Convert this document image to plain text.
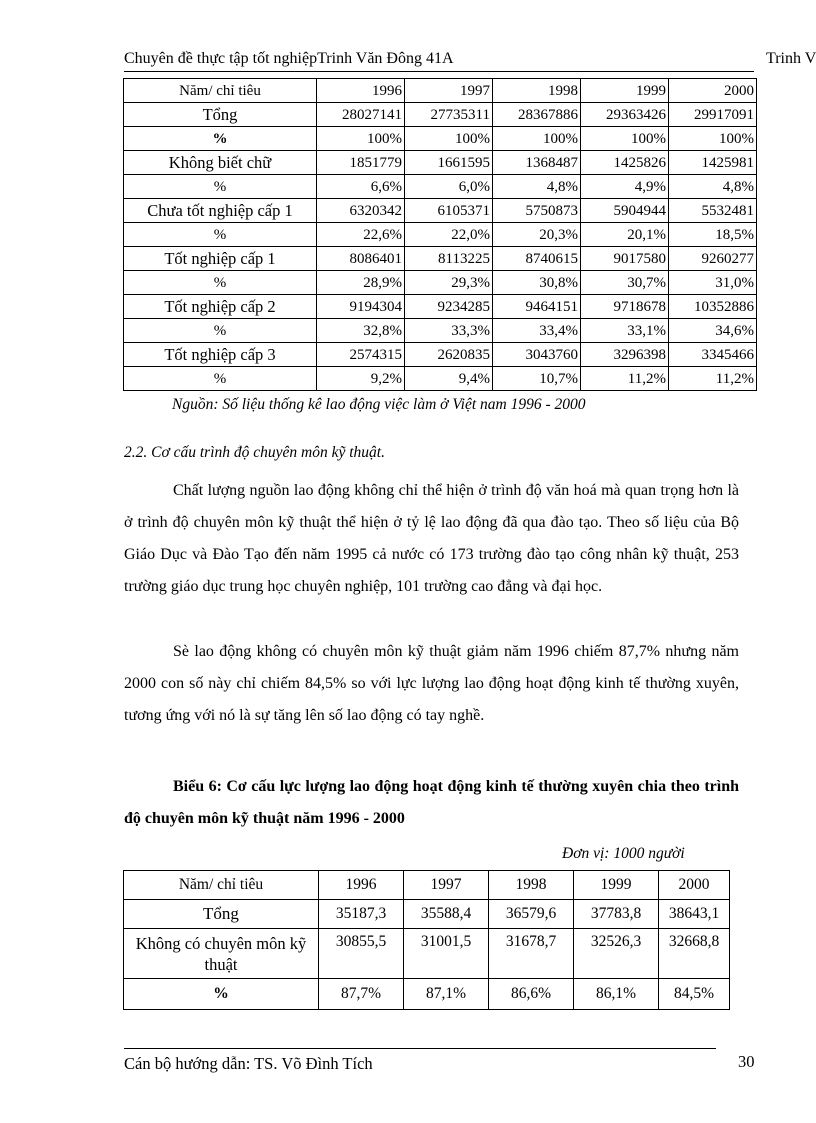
Chuyên đề thực tập tốt nghiệpTrinh Văn Đông 41A	Trinh V
Năm/ chỉ tiêu	1996	1997	1998	1999	2000
Tổng	28027141	27735311	28367886	29363426	29917091
%	100%	100%	100%	100%	100%
Không biết chữ	1851779	1661595	1368487	1425826	1425981
%	6,6%	6,0%	4,8%	4,9%	4,8%
Chưa tốt nghiệp cấp 1	6320342	6105371	5750873	5904944	5532481
%	22,6%	22,0%	20,3%	20,1%	18,5%
Tốt nghiệp cấp 1	8086401	8113225	8740615	9017580	9260277
%	28,9%	29,3%	30,8%	30,7%	31,0%
Tốt nghiệp cấp 2	9194304	9234285	9464151	9718678	10352886
%	32,8%	33,3%	33,4%	33,1%	34,6%
Tốt nghiệp cấp 3	2574315	2620835	3043760	3296398	3345466
%	9,2%	9,4%	10,7%	11,2%	11,2%
Nguồn: Số liệu thống kê lao động việc làm ở Việt nam 1996 - 2000
2.2. Cơ cấu trình độ chuyên môn kỹ thuật.
Chất lượng nguồn lao động không chỉ thể hiện ở trình độ văn hoá mà quan trọng hơn là ở trình độ chuyên môn kỹ thuật thể hiện ở tỷ lệ lao động đã qua đào tạo. Theo số liệu của Bộ Giáo Dục và Đào Tạo đến năm 1995 cả nước có 173 trường đào tạo công nhân kỹ thuật, 253 trường giáo dục trung học chuyên nghiệp, 101 trường cao đẳng và đại học.
Sè lao động không có chuyên môn kỹ thuật giảm năm 1996 chiếm 87,7% nhưng năm 2000 con số này chỉ chiếm 84,5% so với lực lượng lao động hoạt động kinh tế thường xuyên, tương ứng với nó là sự tăng lên số lao động có tay nghề.
Biểu 6: Cơ cấu lực lượng lao động hoạt động kinh tế thường xuyên chia theo trình độ chuyên môn kỹ thuật năm 1996 - 2000
Đơn vị: 1000 người
Năm/ chỉ tiêu	1996	1997	1998	1999	2000
Tổng	35187,3	35588,4	36579,6	37783,8	38643,1
Không có chuyên môn kỹ thuật	30855,5	31001,5	31678,7	32526,3	32668,8
%	87,7%	87,1%	86,6%	86,1%	84,5%
Cán bộ hướng dẫn: TS. Võ Đình Tích	30
